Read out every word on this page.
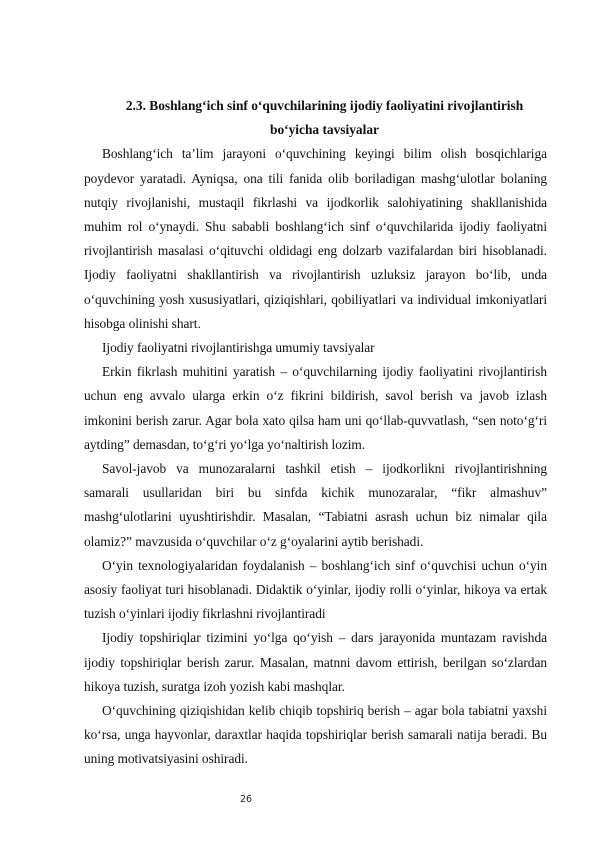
2.3. Boshlang‘ich sinf o‘quvchilarining ijodiy faoliyatini rivojlantirish

bo‘yicha tavsiyalar

Boshlang‘ich ta’lim jarayoni o‘quvchining keyingi bilim olish bosqichlariga poydevor yaratadi. Ayniqsa, ona tili fanida olib boriladigan mashg‘ulotlar bolaning nutqiy rivojlanishi, mustaqil fikrlashi va ijodkorlik salohiyatining shakllanishida muhim rol o‘ynaydi. Shu sababli boshlang‘ich sinf o‘quvchilarida ijodiy faoliyatni rivojlantirish masalasi o‘qituvchi oldidagi eng dolzarb vazifalardan biri hisoblanadi. Ijodiy faoliyatni shakllantirish va rivojlantirish uzluksiz jarayon bo‘lib, unda o‘quvchining yosh xususiyatlari, qiziqishlari, qobiliyatlari va individual imkoniyatlari hisobga olinishi shart.

Ijodiy faoliyatni rivojlantirishga umumiy tavsiyalar

Erkin fikrlash muhitini yaratish – o‘quvchilarning ijodiy faoliyatini rivojlantirish uchun eng avvalo ularga erkin o‘z fikrini bildirish, savol berish va javob izlash imkonini berish zarur. Agar bola xato qilsa ham uni qo‘llab-quvvatlash, “sen noto‘g‘ri aytding” demasdan, to‘g‘ri yo‘lga yo‘naltirish lozim.

Savol-javob va munozaralarni tashkil etish – ijodkorlikni rivojlantirishning samarali usullaridan biri bu sinfda kichik munozaralar, “fikr almashuv” mashg‘ulotlarini uyushtirishdir. Masalan, “Tabiatni asrash uchun biz nimalar qila olamiz?” mavzusida o‘quvchilar o‘z g‘oyalarini aytib berishadi.

O‘yin texnologiyalaridan foydalanish – boshlang‘ich sinf o‘quvchisi uchun o‘yin asosiy faoliyat turi hisoblanadi. Didaktik o‘yinlar, ijodiy rolli o‘yinlar, hikoya va ertak tuzish o‘yinlari ijodiy fikrlashni rivojlantiradi

Ijodiy topshiriqlar tizimini yo‘lga qo‘yish – dars jarayonida muntazam ravishda ijodiy topshiriqlar berish zarur. Masalan, matnni davom ettirish, berilgan so‘zlardan hikoya tuzish, suratga izoh yozish kabi mashqlar.

O‘quvchining qiziqishidan kelib chiqib topshiriq berish – agar bola tabiatni yaxshi ko‘rsa, unga hayvonlar, daraxtlar haqida topshiriqlar berish samarali natija beradi. Bu uning motivatsiyasini oshiradi.

26
